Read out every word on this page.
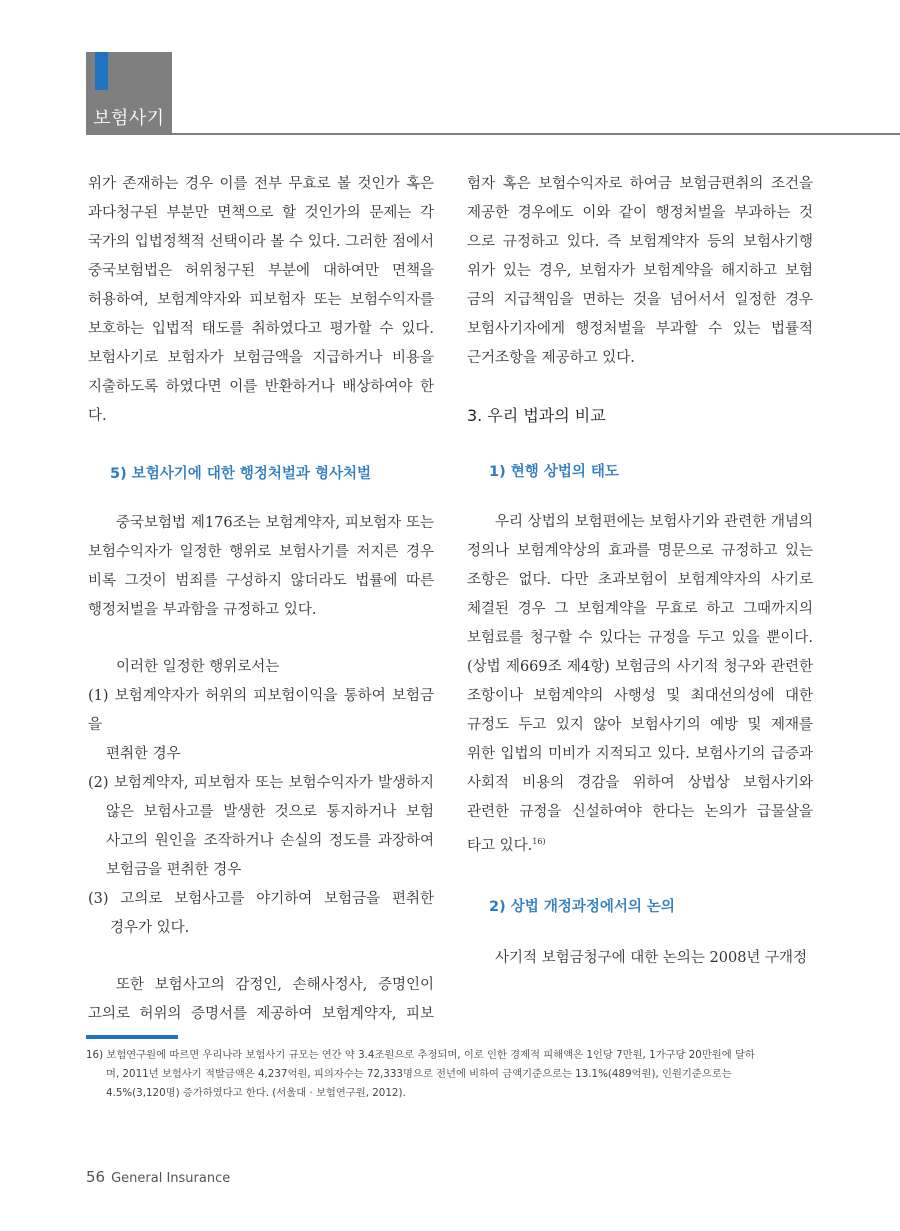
보험사기

위가 존재하는 경우 이를 전부 무효로 볼 것인가 혹은

과다청구된 부분만 면책으로 할 것인가의 문제는 각

국가의 입법정책적 선택이라 볼 수 있다. 그러한 점에서

중국보험법은 허위청구된 부분에 대하여만 면책을

허용하여, 보험계약자와 피보험자 또는 보험수익자를

보호하는 입법적 태도를 취하였다고 평가할 수 있다.

보험사기로 보험자가 보험금액을 지급하거나 비용을

지출하도록 하였다면 이를 반환하거나 배상하여야 한다.

5) 보험사기에 대한 행정처벌과 형사처벌

중국보험법 제176조는 보험계약자, 피보험자 또는

보험수익자가 일정한 행위로 보험사기를 저지른 경우

비록 그것이 범죄를 구성하지 않더라도 법률에 따른

행정처벌을 부과함을 규정하고 있다.

이러한 일정한 행위로서는

(1) 보험계약자가 허위의 피보험이익을 통하여 보험금을

편취한 경우

(2) 보험계약자, 피보험자 또는 보험수익자가 발생하지

않은 보험사고를 발생한 것으로 통지하거나 보험

사고의 원인을 조작하거나 손실의 정도를 과장하여

보험금을 편취한 경우

(3) 고의로 보험사고를 야기하여 보험금을 편취한

경우가 있다.

또한 보험사고의 감정인, 손해사정사, 증명인이

고의로 허위의 증명서를 제공하여 보험계약자, 피보

험자 혹은 보험수익자로 하여금 보험금편취의 조건을

제공한 경우에도 이와 같이 행정처벌을 부과하는 것

으로 규정하고 있다. 즉 보험계약자 등의 보험사기행

위가 있는 경우, 보험자가 보험계약을 해지하고 보험

금의 지급책임을 면하는 것을 넘어서서 일정한 경우

보험사기자에게 행정처벌을 부과할 수 있는 법률적

근거조항을 제공하고 있다.

3. 우리 법과의 비교

1) 현행 상법의 태도

우리 상법의 보험편에는 보험사기와 관련한 개념의

정의나 보험계약상의 효과를 명문으로 규정하고 있는

조항은 없다. 다만 초과보험이 보험계약자의 사기로

체결된 경우 그 보험계약을 무효로 하고 그때까지의

보험료를 청구할 수 있다는 규정을 두고 있을 뿐이다.

(상법 제669조 제4항) 보험금의 사기적 청구와 관련한

조항이나 보험계약의 사행성 및 최대선의성에 대한

규정도 두고 있지 않아 보험사기의 예방 및 제재를

위한 입법의 미비가 지적되고 있다. 보험사기의 급증과

사회적 비용의 경감을 위하여 상법상 보험사기와

관련한 규정을 신설하여야 한다는 논의가 급물살을

타고 있다.$^{16)}$

2) 상법 개정과정에서의 논의

사기적 보험금청구에 대한 논의는 2008년 구개정

16) 보험연구원에 따르면 우리나라 보험사기 규모는 연간 약 3.4조원으로 추정되며, 이로 인한 경제적 피해액은 1인당 7만원, 1가구당 20만원에 달하
며, 2011년 보험사기 적발금액은 4,237억원, 피의자수는 72,333명으로 전년에 비하여 금액기준으로는 13.1%(489억원), 인원기준으로는
4.5%(3,120명) 증가하였다고 한다. (서울대 · 보험연구원, 2012).
56 General Insurance
